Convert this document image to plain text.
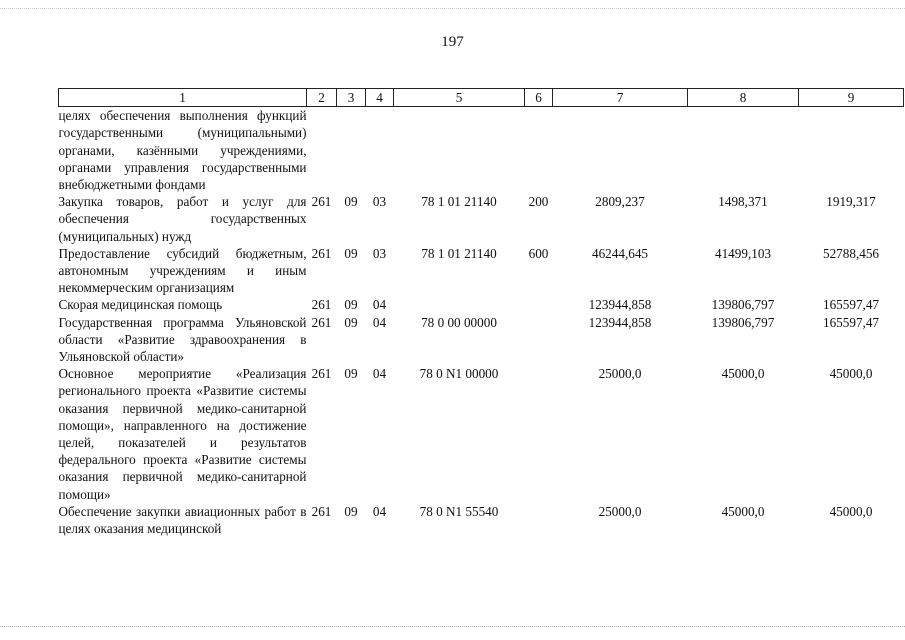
197
1	2	3	4	5	6	7	8	9
целях обеспечения выполнения функций государственными (муниципальными) органами, казёнными учреждениями, органами управления государственными внебюджетными фондами								
Закупка товаров, работ и услуг для обеспечения государственных (муниципальных) нужд	261	09	03	78 1 01 21140	200	2809,237	1498,371	1919,317
Предоставление субсидий бюджетным, автономным учреждениям и иным некоммерческим организациям	261	09	03	78 1 01 21140	600	46244,645	41499,103	52788,456
Скорая медицинская помощь	261	09	04			123944,858	139806,797	165597,47
Государственная программа Ульяновской области «Развитие здравоохранения в Ульяновской области»	261	09	04	78 0 00 00000		123944,858	139806,797	165597,47
Основное мероприятие «Реализация регионального проекта «Развитие системы оказания первичной медико-санитарной помощи», направленного на достижение целей, показателей и результатов федерального проекта «Развитие системы оказания первичной медико-санитарной помощи»	261	09	04	78 0 N1 00000		25000,0	45000,0	45000,0
Обеспечение закупки авиационных работ в целях оказания медицинской	261	09	04	78 0 N1 55540		25000,0	45000,0	45000,0
